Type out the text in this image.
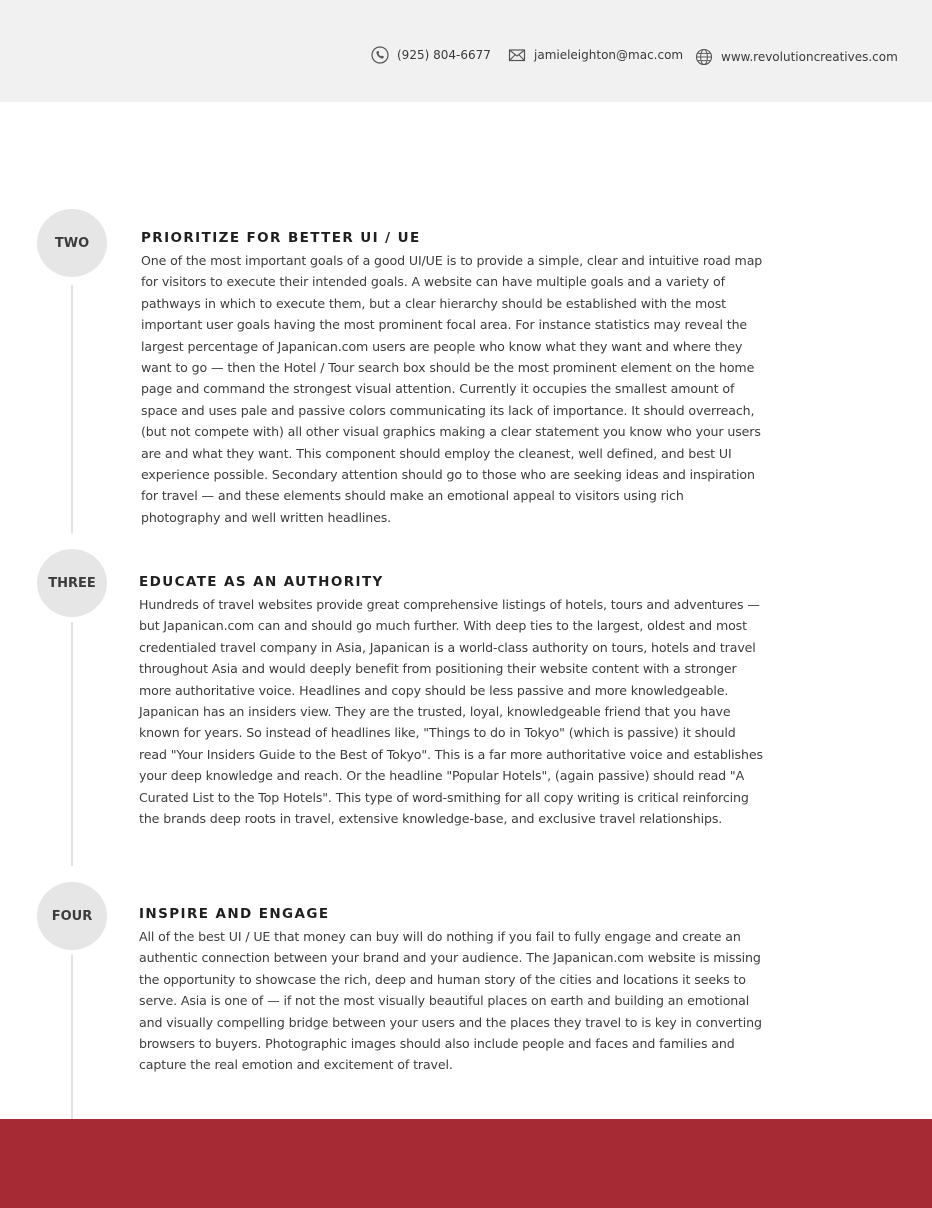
(925) 804-6677	jamieleighton@mac.com	www.revolutioncreatives.com
TWO	PRIORITIZE FOR BETTER UI / UE

One of the most important goals of a good UI/UE is to provide a simple, clear and intuitive road map for visitors to execute their intended goals. A website can have multiple goals and a variety of pathways in which to execute them, but a clear hierarchy should be established with the most important user goals having the most prominent focal area. For instance statistics may reveal the largest percentage of Japanican.com users are people who know what they want and where they want to go — then the Hotel / Tour search box should be the most prominent element on the home page and command the strongest visual attention. Currently it occupies the smallest amount of space and uses pale and passive colors communicating its lack of importance. It should overreach, (but not compete with) all other visual graphics making a clear statement you know who your users are and what they want. This component should employ the cleanest, well defined, and best UI experience possible. Secondary attention should go to those who are seeking ideas and inspiration for travel — and these elements should make an emotional appeal to visitors using rich photography and well written headlines.

THREE	EDUCATE AS AN AUTHORITY

Hundreds of travel websites provide great comprehensive listings of hotels, tours and adventures — but Japanican.com can and should go much further. With deep ties to the largest, oldest and most credentialed travel company in Asia, Japanican is a world-class authority on tours, hotels and travel throughout Asia and would deeply benefit from positioning their website content with a stronger more authoritative voice. Headlines and copy should be less passive and more knowledgeable. Japanican has an insiders view. They are the trusted, loyal, knowledgeable friend that you have known for years. So instead of headlines like, "Things to do in Tokyo" (which is passive) it should read "Your Insiders Guide to the Best of Tokyo". This is a far more authoritative voice and establishes your deep knowledge and reach. Or the headline "Popular Hotels", (again passive) should read "A Curated List to the Top Hotels". This type of word-smithing for all copy writing is critical reinforcing the brands deep roots in travel, extensive knowledge-base, and exclusive travel relationships.

FOUR	INSPIRE AND ENGAGE

All of the best UI / UE that money can buy will do nothing if you fail to fully engage and create an authentic connection between your brand and your audience. The Japanican.com website is missing the opportunity to showcase the rich, deep and human story of the cities and locations it seeks to serve. Asia is one of — if not the most visually beautiful places on earth and building an emotional and visually compelling bridge between your users and the places they travel to is key in converting browsers to buyers. Photographic images should also include people and faces and families and capture the real emotion and excitement of travel.
